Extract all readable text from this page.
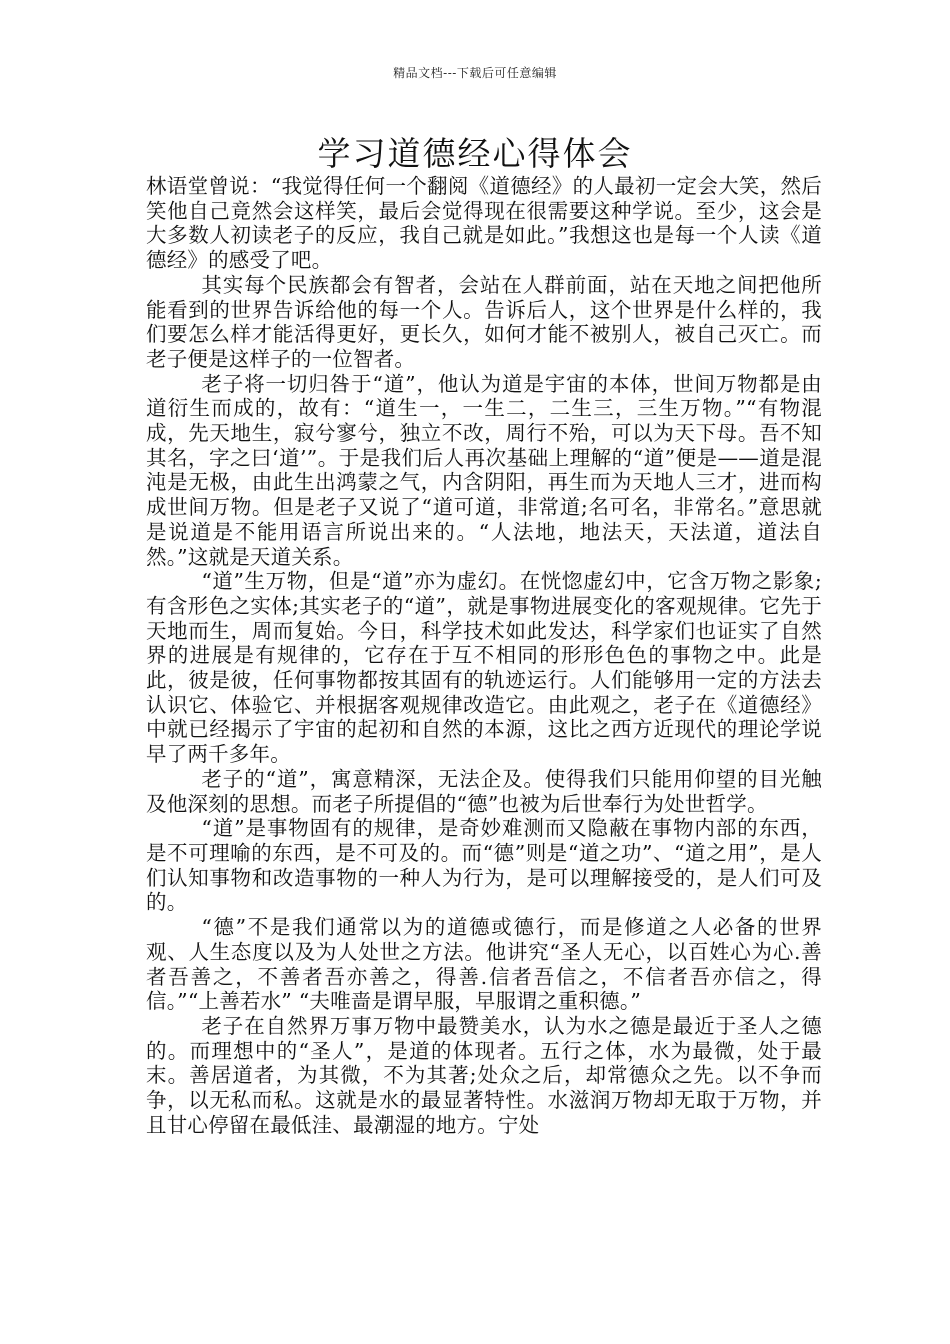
精品文档---下载后可任意编辑
学习道德经心得体会

林语堂曾说：“我觉得任何一个翻阅《道德经》的人最初一定会大笑，然后笑他自己竟然会这样笑，最后会觉得现在很需要这种学说。至少，这会是大多数人初读老子的反应，我自己就是如此。”我想这也是每一个人读《道德经》的感受了吧。

其实每个民族都会有智者，会站在人群前面，站在天地之间把他所能看到的世界告诉给他的每一个人。告诉后人，这个世界是什么样的，我们要怎么样才能活得更好，更长久，如何才能不被别人，被自己灭亡。而老子便是这样子的一位智者。

老子将一切归咎于“道”，他认为道是宇宙的本体，世间万物都是由道衍生而成的，故有：“道生一，一生二，二生三，三生万物。”“有物混成，先天地生，寂兮寥兮，独立不改，周行不殆，可以为天下母。吾不知其名，字之曰‘道’”。于是我们后人再次基础上理解的“道”便是——道是混沌是无极，由此生出鸿蒙之气，内含阴阳，再生而为天地人三才，进而构成世间万物。但是老子又说了“道可道，非常道;名可名，非常名。”意思就是说道是不能用语言所说出来的。“人法地，地法天，天法道，道法自然。”这就是天道关系。

“道”生万物，但是“道”亦为虚幻。在恍惚虚幻中，它含万物之影象;有含形色之实体;其实老子的“道”，就是事物进展变化的客观规律。它先于天地而生，周而复始。今日，科学技术如此发达，科学家们也证实了自然界的进展是有规律的，它存在于互不相同的形形色色的事物之中。此是此，彼是彼，任何事物都按其固有的轨迹运行。人们能够用一定的方法去认识它、体验它、并根据客观规律改造它。由此观之，老子在《道德经》中就已经揭示了宇宙的起初和自然的本源，这比之西方近现代的理论学说早了两千多年。

老子的“道”，寓意精深，无法企及。使得我们只能用仰望的目光触及他深刻的思想。而老子所提倡的“德”也被为后世奉行为处世哲学。

“道”是事物固有的规律，是奇妙难测而又隐蔽在事物内部的东西，是不可理喻的东西，是不可及的。而“德”则是“道之功”、“道之用”，是人们认知事物和改造事物的一种人为行为，是可以理解接受的，是人们可及的。

“德”不是我们通常以为的道德或德行，而是修道之人必备的世界观、人生态度以及为人处世之方法。他讲究“圣人无心，以百姓心为心.善者吾善之，不善者吾亦善之，得善.信者吾信之，不信者吾亦信之，得信。”“上善若水” “夫唯啬是谓早服，早服谓之重积德。”

老子在自然界万事万物中最赞美水，认为水之德是最近于圣人之德的。而理想中的“圣人”，是道的体现者。五行之体，水为最微，处于最末。善居道者，为其微，不为其著;处众之后，却常德众之先。以不争而争，以无私而私。这就是水的最显著特性。水滋润万物却无取于万物，并且甘心停留在最低洼、最潮湿的地方。宁处
